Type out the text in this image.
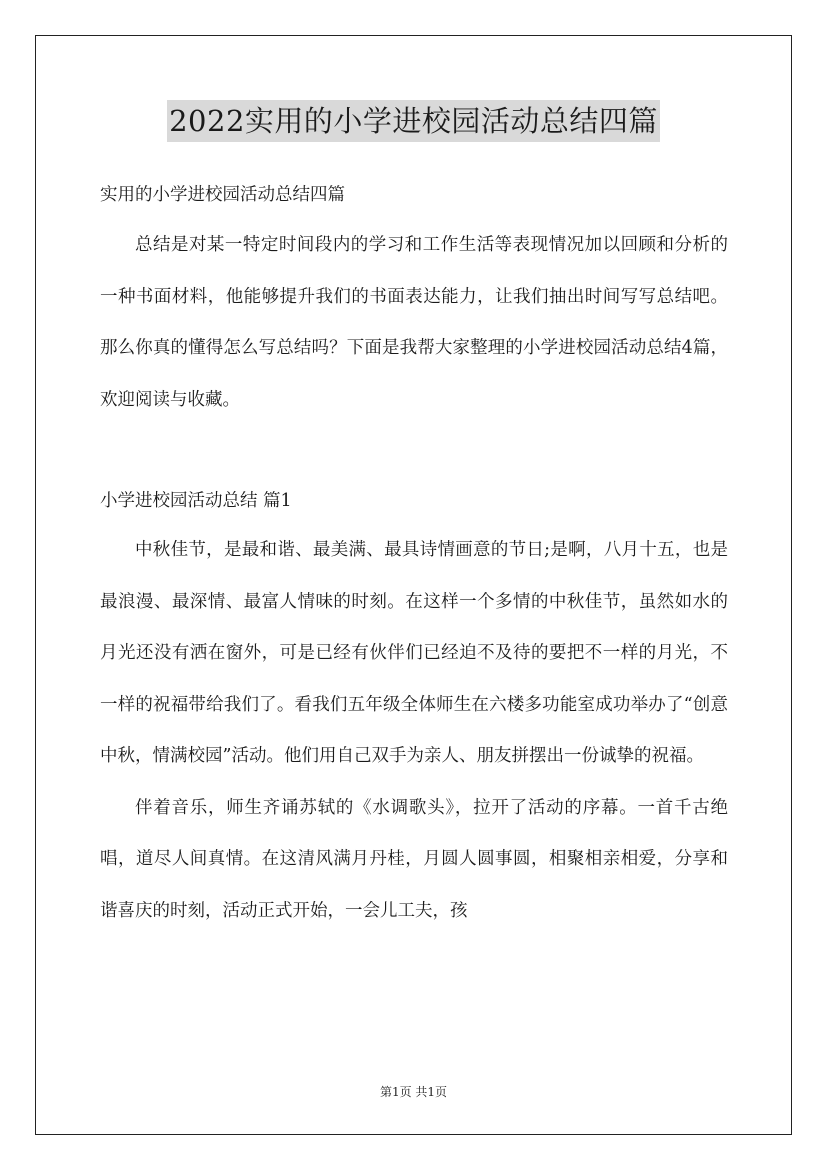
2022实用的小学进校园活动总结四篇

实用的小学进校园活动总结四篇

总结是对某一特定时间段内的学习和工作生活等表现情况加以回顾和分析的一种书面材料，他能够提升我们的书面表达能力，让我们抽出时间写写总结吧。那么你真的懂得怎么写总结吗？下面是我帮大家整理的小学进校园活动总结4篇，欢迎阅读与收藏。

小学进校园活动总结 篇1

中秋佳节，是最和谐、最美满、最具诗情画意的节日;是啊，八月十五，也是最浪漫、最深情、最富人情味的时刻。在这样一个多情的中秋佳节，虽然如水的月光还没有洒在窗外，可是已经有伙伴们已经迫不及待的要把不一样的月光，不一样的祝福带给我们了。看我们五年级全体师生在六楼多功能室成功举办了“创意中秋，情满校园”活动。他们用自己双手为亲人、朋友拼摆出一份诚挚的祝福。

伴着音乐，师生齐诵苏轼的《水调歌头》，拉开了活动的序幕。一首千古绝唱，道尽人间真情。在这清风满月丹桂，月圆人圆事圆，相聚相亲相爱，分享和谐喜庆的时刻，活动正式开始，一会儿工夫，孩

第1页 共1页
